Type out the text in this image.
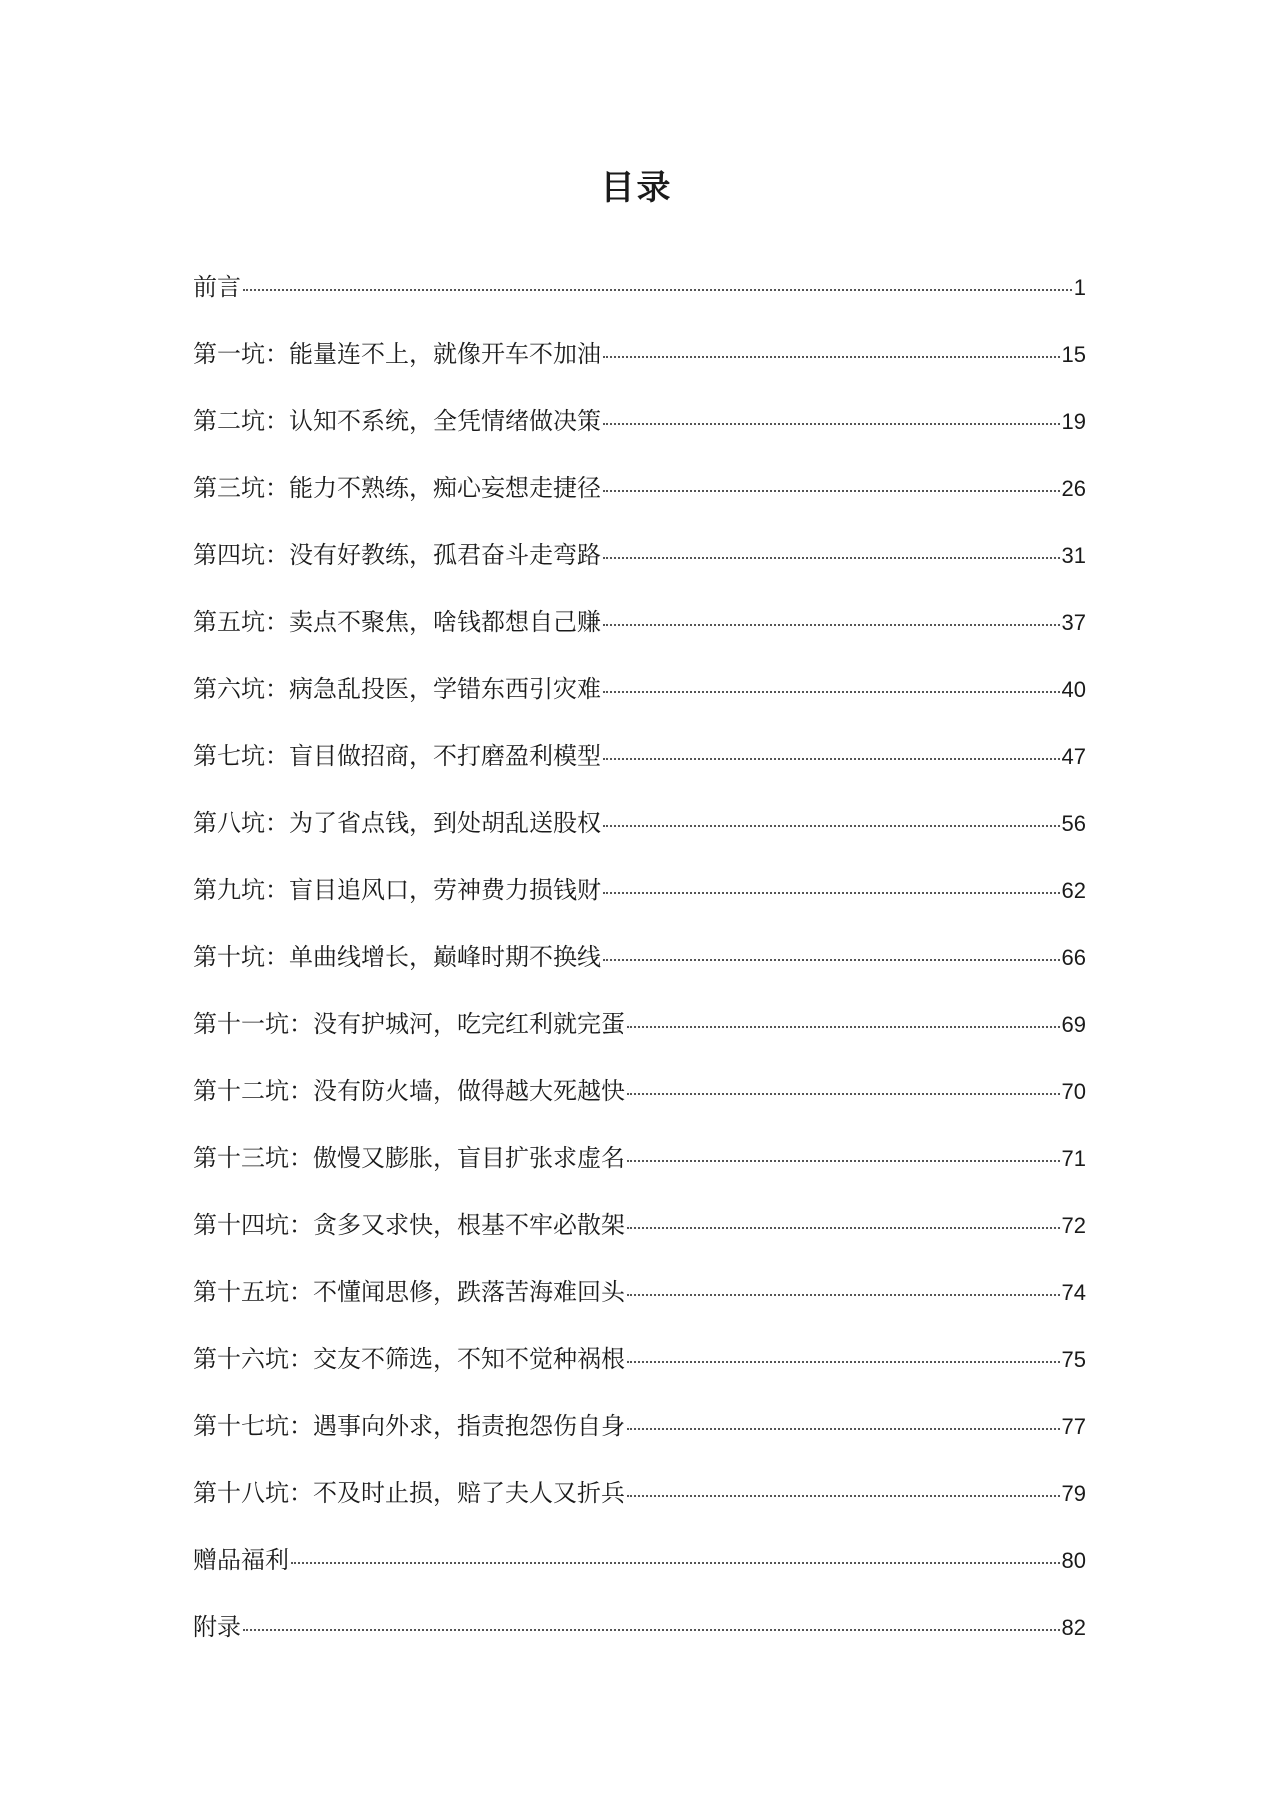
目录
前言	1
第一坑：能量连不上，就像开车不加油	15
第二坑：认知不系统，全凭情绪做决策	19
第三坑：能力不熟练，痴心妄想走捷径	26
第四坑：没有好教练，孤君奋斗走弯路	31
第五坑：卖点不聚焦，啥钱都想自己赚	37
第六坑：病急乱投医，学错东西引灾难	40
第七坑：盲目做招商，不打磨盈利模型	47
第八坑：为了省点钱，到处胡乱送股权	56
第九坑：盲目追风口，劳神费力损钱财	62
第十坑：单曲线增长，巅峰时期不换线	66
第十一坑：没有护城河，吃完红利就完蛋	69
第十二坑：没有防火墙，做得越大死越快	70
第十三坑：傲慢又膨胀，盲目扩张求虚名	71
第十四坑：贪多又求快，根基不牢必散架	72
第十五坑：不懂闻思修，跌落苦海难回头	74
第十六坑：交友不筛选，不知不觉种祸根	75
第十七坑：遇事向外求，指责抱怨伤自身	77
第十八坑：不及时止损，赔了夫人又折兵	79
赠品福利	80
附录	82
